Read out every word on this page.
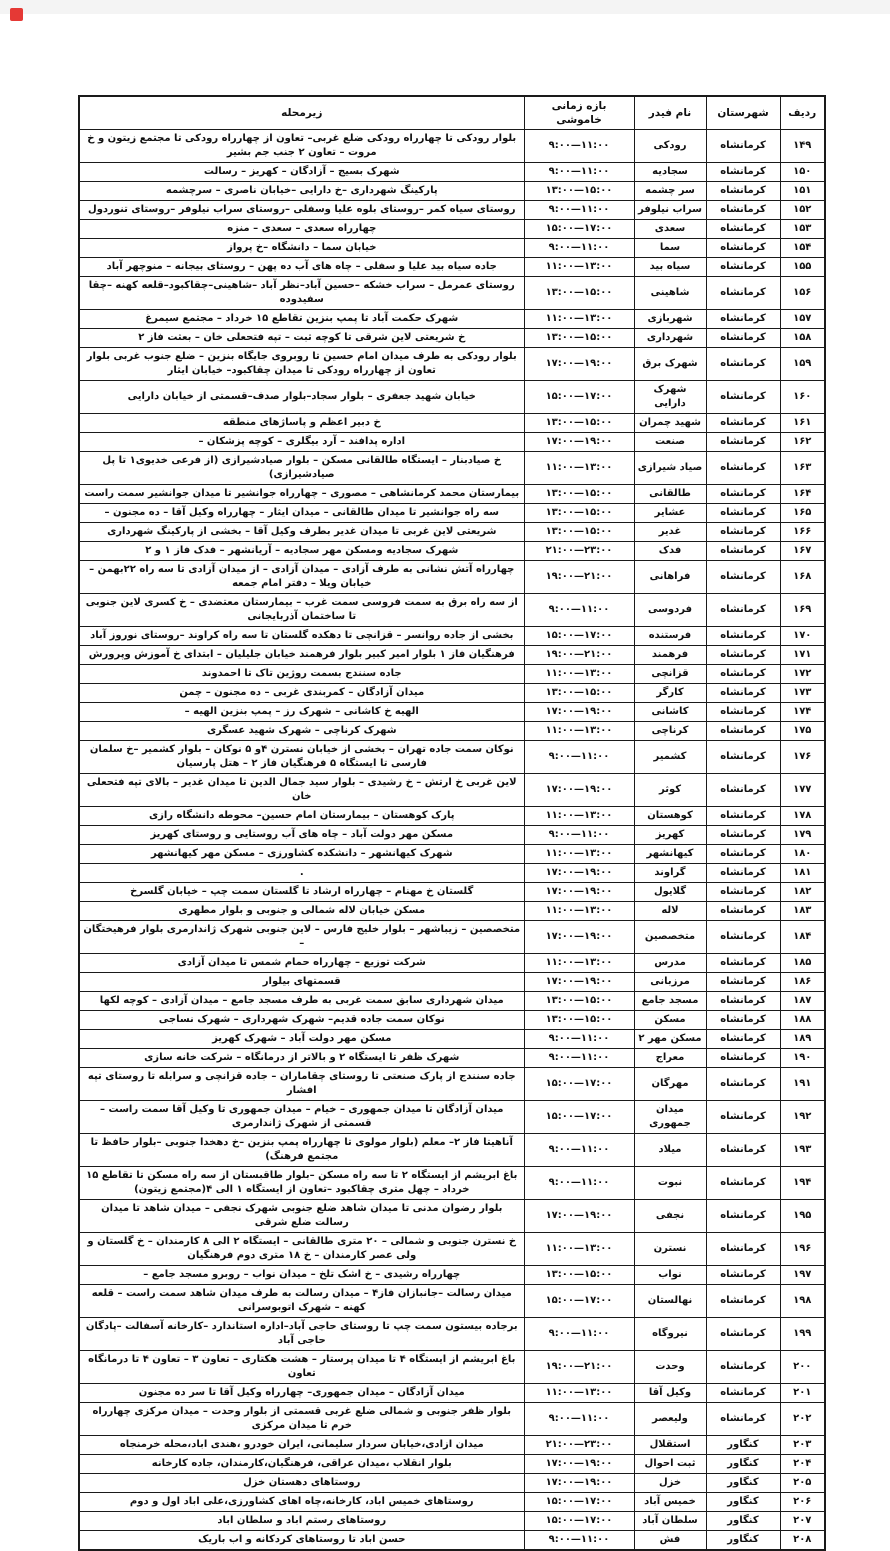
ردیف	شهرستان	نام فیدر	بازه زمانی خاموشی	زیرمحله
۱۴۹	کرمانشاه	رودکی	۹:۰۰—۱۱:۰۰	بلوار رودکی تا چهارراه رودکی ضلع غربی– تعاون از چهارراه رودکی تا مجتمع زیتون و خ مروت – تعاون ۲ جنب جم بشیر
۱۵۰	کرمانشاه	سجادیه	۹:۰۰—۱۱:۰۰	شهرک بسیج – آزادگان – کهریز – رسالت
۱۵۱	کرمانشاه	سر چشمه	۱۳:۰۰—۱۵:۰۰	پارکینگ شهرداری –خ دارایی –خیابان ناصری – سرچشمه
۱۵۲	کرمانشاه	سراب نیلوفر	۹:۰۰—۱۱:۰۰	روستای سیاه کمر –روستای بلوه علیا وسفلی –روستای سراب نیلوفر –روستای تنوردول
۱۵۳	کرمانشاه	سعدی	۱۵:۰۰—۱۷:۰۰	چهارراه سعدی – سعدی – منزه
۱۵۴	کرمانشاه	سما	۹:۰۰—۱۱:۰۰	خیابان سما – دانشگاه –خ پرواز
۱۵۵	کرمانشاه	سیاه بید	۱۱:۰۰—۱۳:۰۰	جاده سیاه بید علیا و سفلی – چاه های آب ده پهن – روستای بیجانه – منوچهر آباد
۱۵۶	کرمانشاه	شاهینی	۱۳:۰۰—۱۵:۰۰	روستای عمرمل – سراب خشکه –حسین آباد–نظر آباد –شاهینی–چقاکبود–قلعه کهنه –چقا سفیدوده
۱۵۷	کرمانشاه	شهربازی	۱۱:۰۰—۱۳:۰۰	شهرک حکمت آباد تا پمپ بنزین تقاطع ۱۵ خرداد – مجتمع سیمرغ
۱۵۸	کرمانشاه	شهرداری	۱۳:۰۰—۱۵:۰۰	خ شریعتی لاین شرقی تا کوچه ثبت – تپه فتحعلی خان – بعثت فاز ۲
۱۵۹	کرمانشاه	شهرک برق	۱۷:۰۰—۱۹:۰۰	بلوار رودکی به طرف میدان امام حسین تا روبروی جایگاه بنزین – ضلع جنوب غربی بلوار تعاون از چهارراه رودکی تا میدان چقاکبود– خیابان ایثار
۱۶۰	کرمانشاه	شهرک دارایی	۱۵:۰۰—۱۷:۰۰	خیابان شهید جعفری – بلوار سجاد–بلوار صدف–قسمتی از خیابان دارایی
۱۶۱	کرمانشاه	شهید چمران	۱۳:۰۰—۱۵:۰۰	خ دبیر اعظم و پاساژهای منطقه
۱۶۲	کرمانشاه	صنعت	۱۷:۰۰—۱۹:۰۰	اداره پدافند – آرد بیگلری – کوچه پزشکان –
۱۶۳	کرمانشاه	صیاد شیرازی	۱۱:۰۰—۱۳:۰۰	خ صیادبنار – ایستگاه طالقانی مسکن – بلوار صیادشیرازی (از فرعی خدیوی۱ تا پل صیادشیرازی)
۱۶۴	کرمانشاه	طالقانی	۱۳:۰۰—۱۵:۰۰	بیمارستان محمد کرمانشاهی – مصوری – چهارراه جوانشیر تا میدان جوانشیر سمت راست
۱۶۵	کرمانشاه	عشایر	۱۳:۰۰—۱۵:۰۰	سه راه جوانشیر تا میدان طالقانی – میدان ایثار – چهارراه وکیل آقا – ده مجنون –
۱۶۶	کرمانشاه	غدیر	۱۳:۰۰—۱۵:۰۰	شریعتی لاین غربی تا میدان غدیر بطرف وکیل آقا – بخشی از پارکینگ شهرداری
۱۶۷	کرمانشاه	فدک	۲۱:۰۰—۲۳:۰۰	شهرک سجادیه ومسکن مهر سجادیه – آریانشهر – فدک فاز ۱ و ۲
۱۶۸	کرمانشاه	فراهانی	۱۹:۰۰—۲۱:۰۰	چهارراه آتش نشانی به طرف آزادی – میدان آزادی – از میدان آزادی تا سه راه ۲۲بهمن – خیابان ویلا – دفتر امام جمعه
۱۶۹	کرمانشاه	فردوسی	۹:۰۰—۱۱:۰۰	از سه راه برق به سمت فروسی سمت غرب – بیمارستان معتضدی – خ کسری لاین جنوبی تا ساختمان آذربایجانی
۱۷۰	کرمانشاه	فرستنده	۱۵:۰۰—۱۷:۰۰	بخشی از جاده روانسر – قزانچی تا دهکده گلستان تا سه راه کراوند –روستای نوروز آباد
۱۷۱	کرمانشاه	فرهمند	۱۹:۰۰—۲۱:۰۰	فرهنگیان فاز ۱ بلوار امیر کبیر بلوار فرهمند خیابان جلیلیان – ابتدای خ آموزش وپرورش
۱۷۲	کرمانشاه	قزانچی	۱۱:۰۰—۱۳:۰۰	جاده سنندج بسمت روژین تاک تا احمدوند
۱۷۳	کرمانشاه	کارگر	۱۳:۰۰—۱۵:۰۰	میدان آزادگان – کمربندی غربی – ده مجنون – چمن
۱۷۴	کرمانشاه	کاشانی	۱۷:۰۰—۱۹:۰۰	الهیه خ کاشانی – شهرک رز – پمپ بنزین الهیه –
۱۷۵	کرمانشاه	کرناچی	۱۱:۰۰—۱۳:۰۰	شهرک کرناچی – شهرک شهید عسگری
۱۷۶	کرمانشاه	کشمیر	۹:۰۰—۱۱:۰۰	نوکان سمت جاده تهران – بخشی از خیابان نسترن ۴و ۵ نوکان – بلوار کشمیر –خ سلمان فارسی تا ایستگاه ۵ فرهنگیان فاز ۲ – هتل پارسیان
۱۷۷	کرمانشاه	کوثر	۱۷:۰۰—۱۹:۰۰	لاین غربی خ ارتش – خ رشیدی – بلوار سید جمال الدین تا میدان غدیر – بالای تپه فتحعلی خان
۱۷۸	کرمانشاه	کوهستان	۱۱:۰۰—۱۳:۰۰	پارک کوهستان – بیمارستان امام حسین– محوطه دانشگاه رازی
۱۷۹	کرمانشاه	کهریز	۹:۰۰—۱۱:۰۰	مسکن مهر دولت آباد – چاه های آب روستایی و روستای کهریز
۱۸۰	کرمانشاه	کیهانشهر	۱۱:۰۰—۱۳:۰۰	شهرک کیهانشهر – دانشکده کشاورزی – مسکن مهر کیهانشهر
۱۸۱	کرمانشاه	گراوند	۱۷:۰۰—۱۹:۰۰	.
۱۸۲	کرمانشاه	گلایول	۱۷:۰۰—۱۹:۰۰	گلستان خ مهنام – چهارراه ارشاد تا گلستان سمت چپ – خیابان گلسرخ
۱۸۳	کرمانشاه	لاله	۱۱:۰۰—۱۳:۰۰	مسکن خیابان لاله شمالی و جنوبی و بلوار مطهری
۱۸۴	کرمانشاه	متخصصین	۱۷:۰۰—۱۹:۰۰	متخصصین – زیباشهر – بلوار خلیج فارس – لاین جنوبی شهرک ژاندارمری بلوار فرهیختگان –
۱۸۵	کرمانشاه	مدرس	۱۱:۰۰—۱۳:۰۰	شرکت توزیع – چهارراه حمام شمس تا میدان آزادی
۱۸۶	کرمانشاه	مرزبانی	۱۷:۰۰—۱۹:۰۰	قسمتهای بیلوار
۱۸۷	کرمانشاه	مسجد جامع	۱۳:۰۰—۱۵:۰۰	میدان شهرداری سابق سمت غربی به طرف مسجد جامع – میدان آزادی – کوچه لکها
۱۸۸	کرمانشاه	مسکن	۱۳:۰۰—۱۵:۰۰	نوکان سمت جاده قدیم– شهرک شهرداری – شهرک نساجی
۱۸۹	کرمانشاه	مسکن مهر ۲	۹:۰۰—۱۱:۰۰	مسکن مهر دولت آباد – شهرک کهریز
۱۹۰	کرمانشاه	معراج	۹:۰۰—۱۱:۰۰	شهرک ظفر تا ایستگاه ۲ و بالاتر از درمانگاه – شرکت خانه سازی
۱۹۱	کرمانشاه	مهرگان	۱۵:۰۰—۱۷:۰۰	جاده سنندج از پارک صنعتی تا روستای چقاماران – جاده قزانچی و سرابله تا روستای تپه افشار
۱۹۲	کرمانشاه	میدان جمهوری	۱۵:۰۰—۱۷:۰۰	میدان آزادگان تا میدان جمهوری – خیام – میدان جمهوری تا وکیل آقا سمت راست –قسمتی از شهرک ژاندارمری
۱۹۳	کرمانشاه	میلاد	۹:۰۰—۱۱:۰۰	آناهیتا فاز ۲– معلم (بلوار مولوی تا چهارراه پمپ بنزین –خ دهخدا جنوبی –بلوار حافظ تا مجتمع فرهنگ)
۱۹۴	کرمانشاه	نبوت	۹:۰۰—۱۱:۰۰	باغ ابریشم از ایستگاه ۲ تا سه راه مسکن –بلوار طاقبستان از سه راه مسکن تا تقاطع ۱۵ خرداد – چهل متری چقاکبود –تعاون از ایستگاه ۱ الی ۴(مجتمع زیتون)
۱۹۵	کرمانشاه	نجفی	۱۷:۰۰—۱۹:۰۰	بلوار رضوان مدنی تا میدان شاهد ضلع جنوبی شهرک نجفی – میدان شاهد تا میدان رسالت ضلع شرقی
۱۹۶	کرمانشاه	نسترن	۱۱:۰۰—۱۳:۰۰	خ نسترن جنوبی و شمالی – ۲۰ متری طالقانی – ایستگاه ۲ الی ۸ کارمندان – خ گلستان و ولی عصر کارمندان – خ ۱۸ متری دوم فرهنگیان
۱۹۷	کرمانشاه	نواب	۱۳:۰۰—۱۵:۰۰	چهارراه رشیدی – خ اشک تلخ – میدان نواب – روبرو مسجد جامع –
۱۹۸	کرمانشاه	نهالستان	۱۵:۰۰—۱۷:۰۰	میدان رسالت –جانبازان فاز۴ – میدان رسالت به طرف میدان شاهد سمت راست – قلعه کهنه – شهرک اتوبوسرانی
۱۹۹	کرمانشاه	نیروگاه	۹:۰۰—۱۱:۰۰	برجاده بیستون سمت چپ تا روستای حاجی آباد–اداره استاندارد –کارخانه آسفالت –پادگان حاجی آباد
۲۰۰	کرمانشاه	وحدت	۱۹:۰۰—۲۱:۰۰	باغ ابریشم از ایستگاه ۴ تا میدان پرستار – هشت هکتاری – تعاون ۳ – تعاون ۴ تا درمانگاه تعاون
۲۰۱	کرمانشاه	وکیل آقا	۱۱:۰۰—۱۳:۰۰	میدان آزادگان – میدان جمهوری– چهارراه وکیل آقا تا سر ده مجنون
۲۰۲	کرمانشاه	ولیعصر	۹:۰۰—۱۱:۰۰	بلوار ظفر جنوبی و شمالی ضلع غربی قسمتی از بلوار وحدت – میدان مرکزی چهارراه خرم تا میدان مرکزی
۲۰۳	کنگاور	استقلال	۲۱:۰۰—۲۳:۰۰	میدان ازادی،خیابان سردار سلیمانی، ایران خودرو ،هندی اباد،محله خرمنجاه
۲۰۴	کنگاور	ثبت احوال	۱۷:۰۰—۱۹:۰۰	بلوار انقلاب ،میدان عراقی، فرهنگیان،کارمندان، جاده کارخانه
۲۰۵	کنگاور	خزل	۱۷:۰۰—۱۹:۰۰	روستاهای دهستان خزل
۲۰۶	کنگاور	خمیس آباد	۱۵:۰۰—۱۷:۰۰	روستاهای خمیس اباد، کارخانه،چاه اهای کشاورزی،علی اباد اول و دوم
۲۰۷	کنگاور	سلطان آباد	۱۵:۰۰—۱۷:۰۰	روستاهای رستم اباد و سلطان اباد
۲۰۸	کنگاور	فش	۹:۰۰—۱۱:۰۰	حسن اباد تا روستاهای کردکانه و اب باریک
